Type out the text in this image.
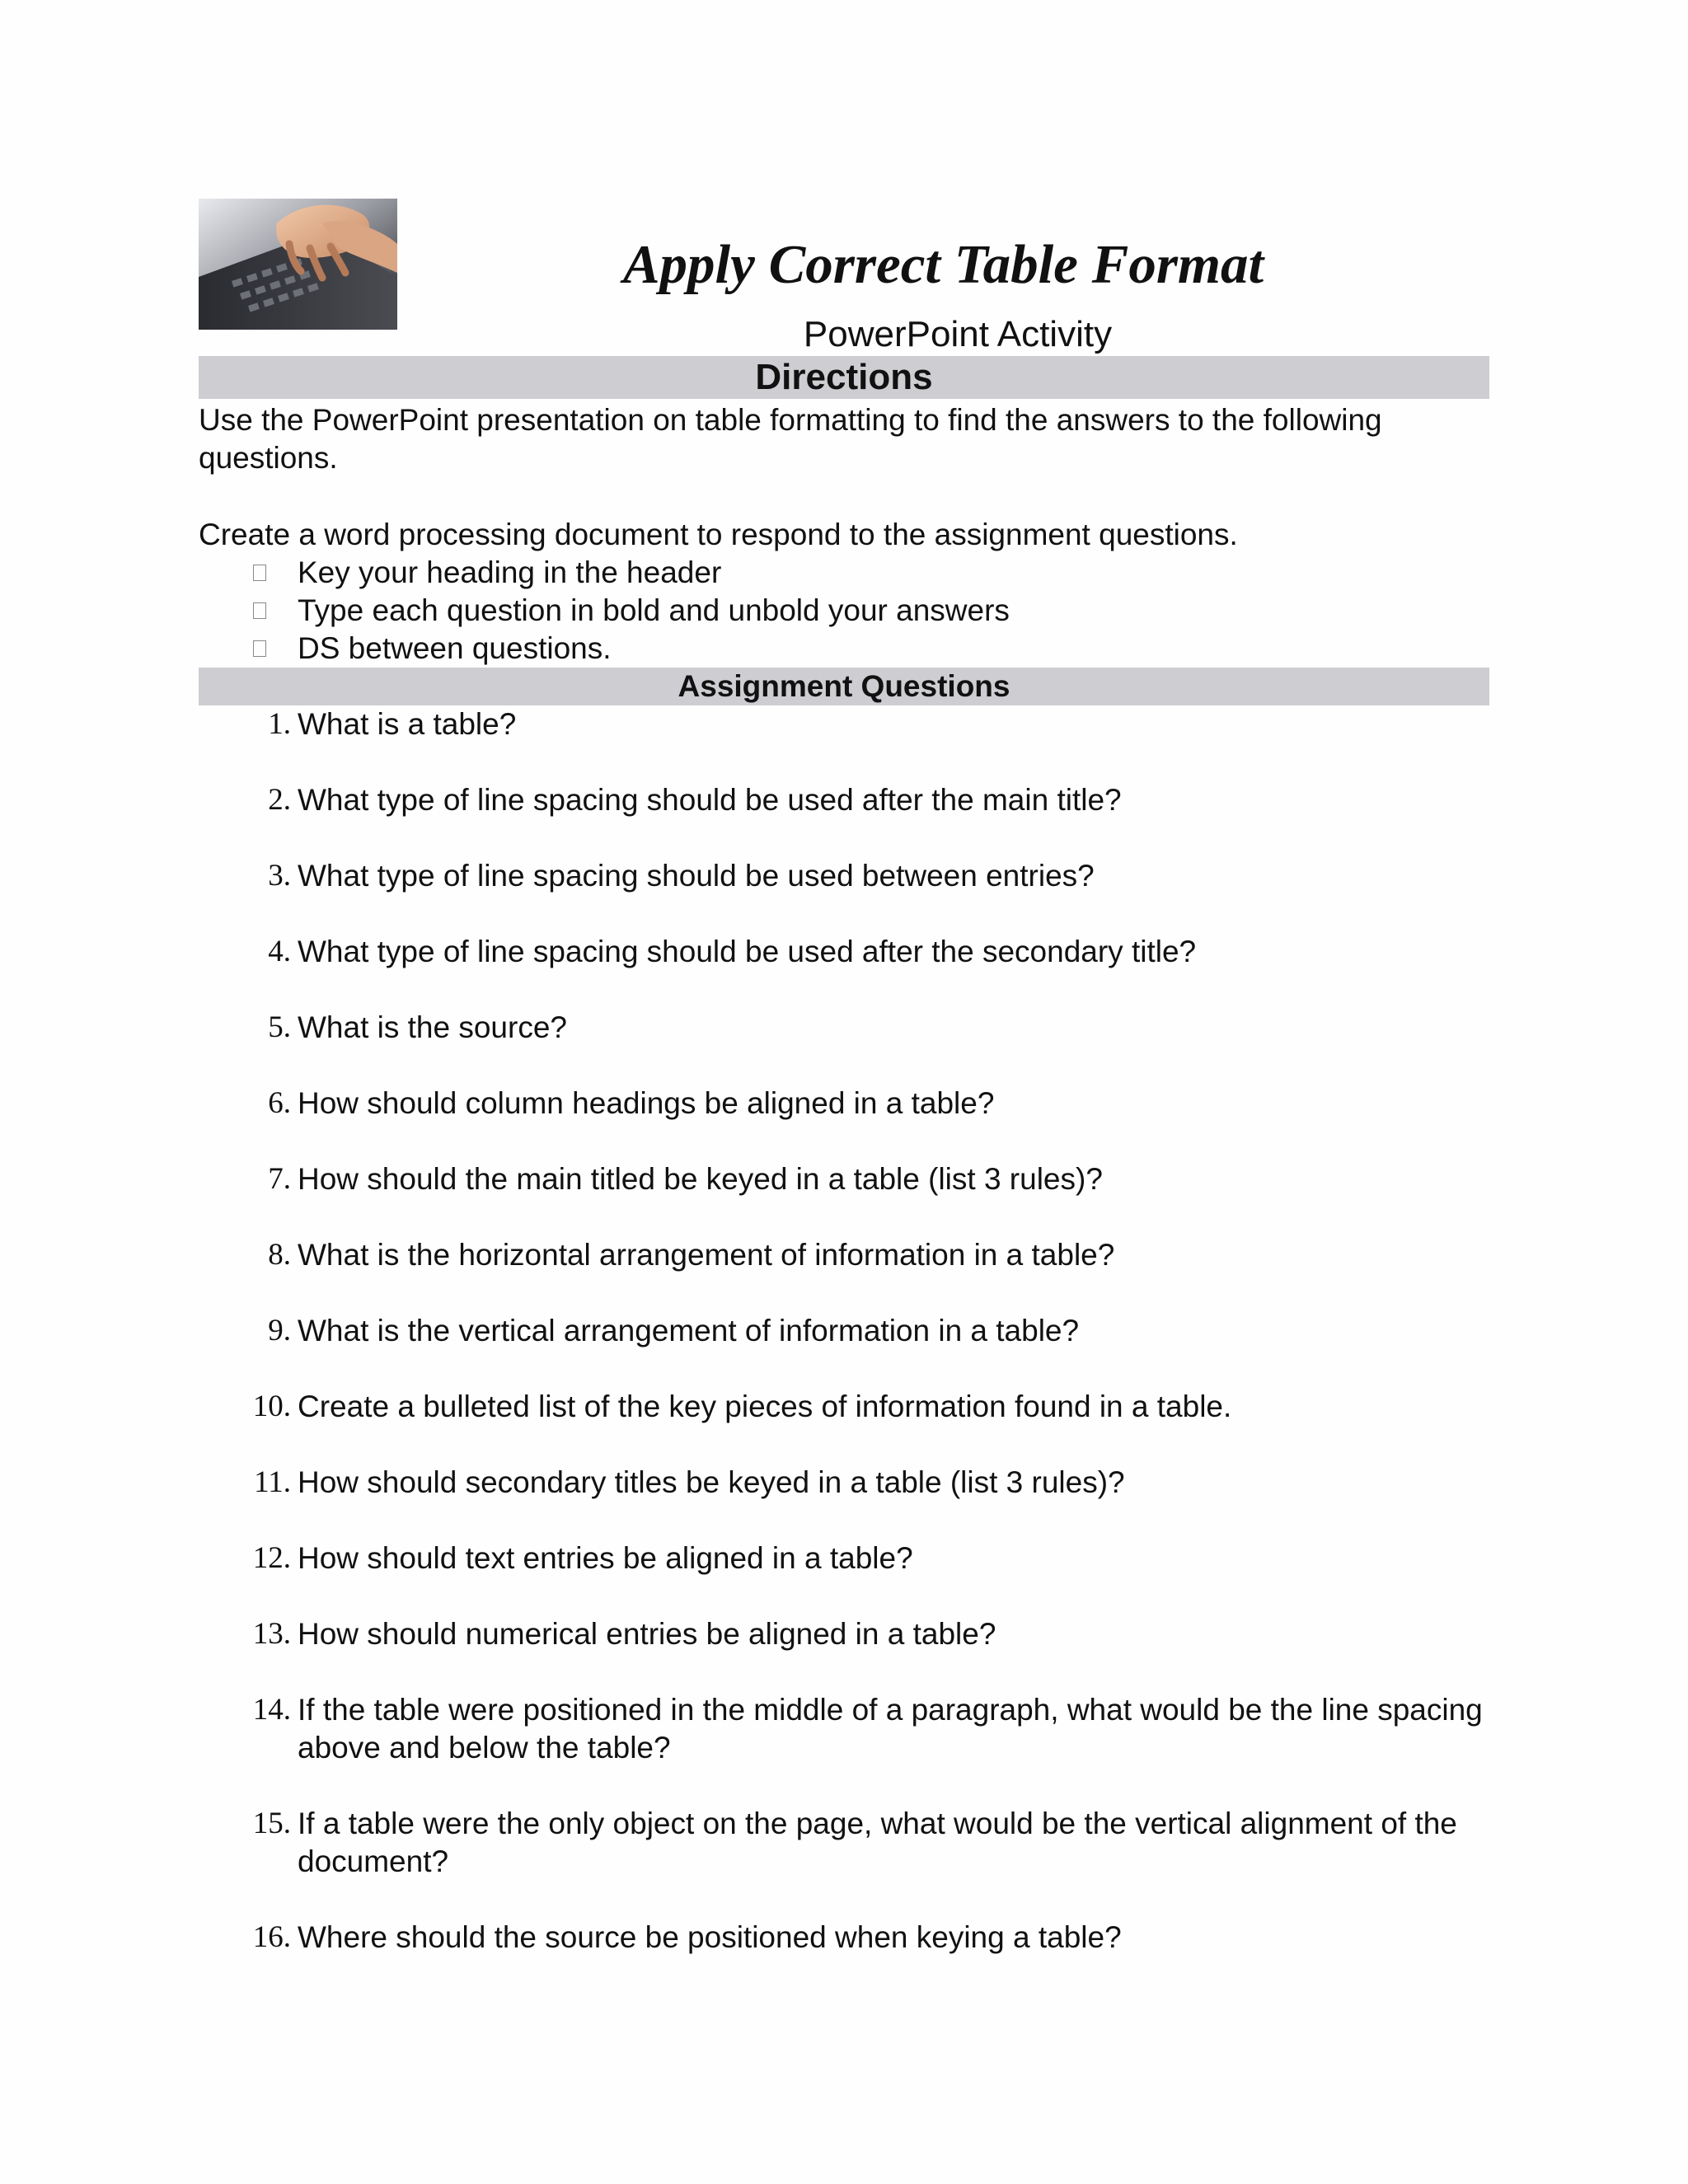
Apply Correct Table Format
PowerPoint Activity
Directions
Use the PowerPoint presentation on table formatting to find the answers to the following questions.
Create a word processing document to respond to the assignment questions.
Key your heading in the header
Type each question in bold and unbold your answers
DS between questions.
Assignment Questions
1. What is a table?
2. What type of line spacing should be used after the main title?
3. What type of line spacing should be used between entries?
4. What type of line spacing should be used after the secondary title?
5. What is the source?
6. How should column headings be aligned in a table?
7. How should the main titled be keyed in a table (list 3 rules)?
8. What is the horizontal arrangement of information in a table?
9. What is the vertical arrangement of information in a table?
10. Create a bulleted list of the key pieces of information found in a table.
11. How should secondary titles be keyed in a table (list 3 rules)?
12. How should text entries be aligned in a table?
13. How should numerical entries be aligned in a table?
14. If the table were positioned in the middle of a paragraph, what would be the line spacing above and below the table?
15. If a table were the only object on the page, what would be the vertical alignment of the document?
16. Where should the source be positioned when keying a table?
